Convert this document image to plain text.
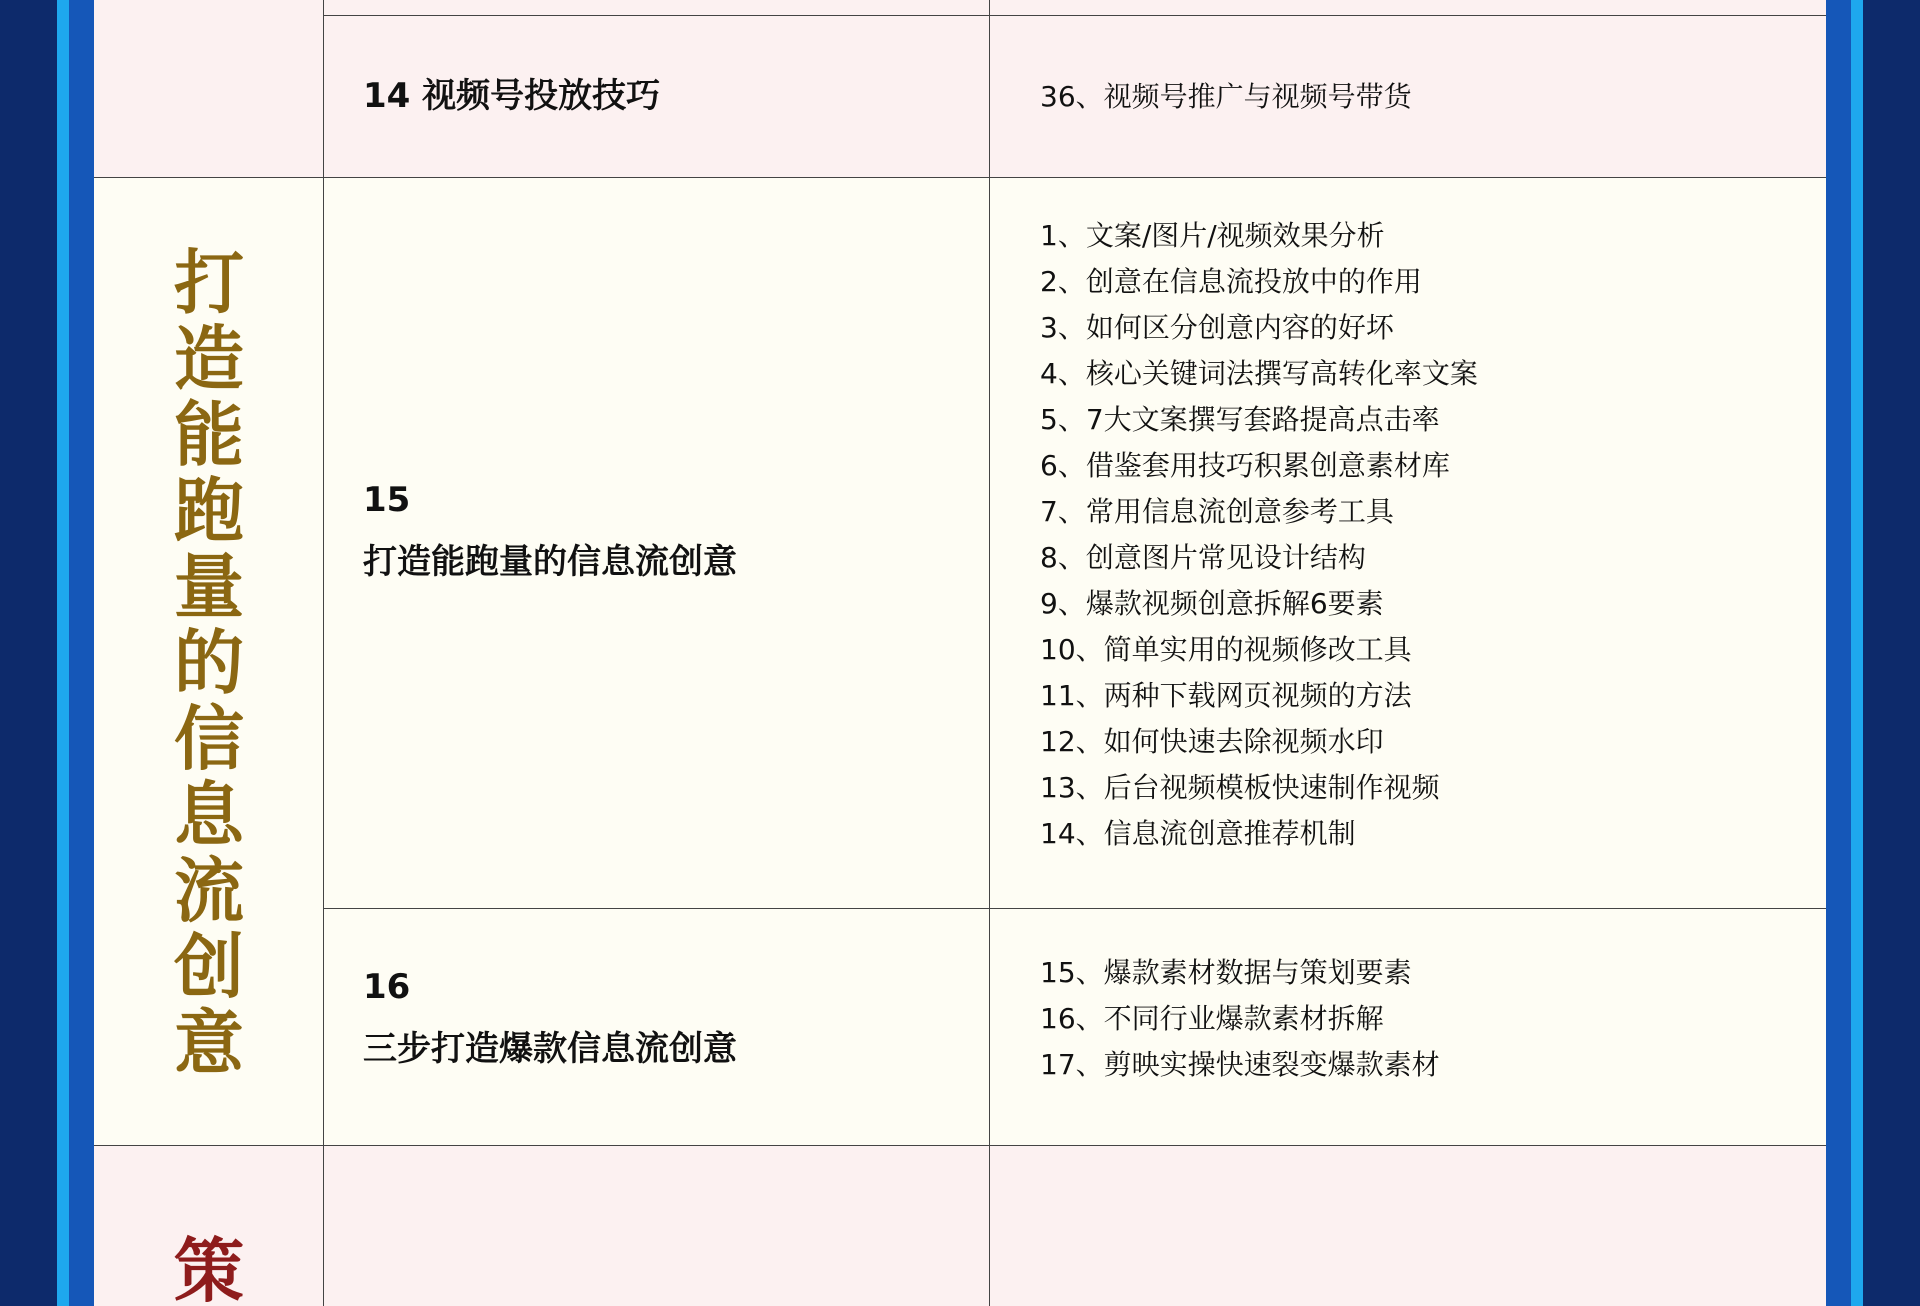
14 视频号投放技巧	36、视频号推广与视频号带货
打
造
能
跑
量
的
信
息
流
创
意
15
打造能跑量的信息流创意
1、文案/图片/视频效果分析
2、创意在信息流投放中的作用
3、如何区分创意内容的好坏
4、核心关键词法撰写高转化率文案
5、7大文案撰写套路提高点击率
6、借鉴套用技巧积累创意素材库
7、常用信息流创意参考工具
8、创意图片常见设计结构
9、爆款视频创意拆解6要素
10、简单实用的视频修改工具
11、两种下载网页视频的方法
12、如何快速去除视频水印
13、后台视频模板快速制作视频
14、信息流创意推荐机制
16
三步打造爆款信息流创意
15、爆款素材数据与策划要素
16、不同行业爆款素材拆解
17、剪映实操快速裂变爆款素材
策
